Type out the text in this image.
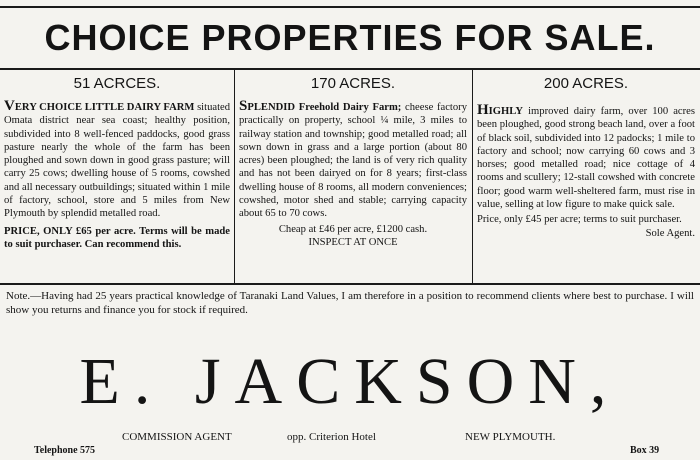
CHOICE PROPERTIES FOR SALE.
51 ACRCES.

VERY CHOICE LITTLE DAIRY FARM situated Omata district near sea coast; healthy position, subdivided into 8 well-fenced paddocks, good grass pasture nearly the whole of the farm has been ploughed and sown down in good grass pasture; will carry 25 cows; dwelling house of 5 rooms, cowshed and all necessary outbuildings; situated within 1 mile of factory, school, store and 5 miles from New Plymouth by splendid metalled road.

PRICE, ONLY £65 per acre. Terms will be made to suit purchaser. Can recommend this.

170 ACRES.

SPLENDID Freehold Dairy Farm; cheese factory practically on property, school ¼ mile, 3 miles to railway station and township; good metalled road; all sown down in grass and a large portion (about 80 acres) been ploughed; the land is of very rich quality and has not been dairyed on for 8 years; first-class dwelling house of 8 rooms, all modern conveniences; cowshed, motor shed and stable; carrying capacity about 65 to 70 cows.

Cheap at £46 per acre, £1200 cash.
INSPECT AT ONCE

200 ACRES.

HIGHLY improved dairy farm, over 100 acres been ploughed, good strong beach land, over a foot of black soil, subdivided into 12 padocks; 1 mile to factory and school; now carrying 60 cows and 3 horses; good metalled road; nice cottage of 4 rooms and scullery; 12-stall cowshed with concrete floor; good warm well-sheltered farm, must rise in value, selling at low figure to make quick sale.

Price, only £45 per acre; terms to suit purchaser.
Sole Agent.

Note.—Having had 25 years practical knowledge of Taranaki Land Values, I am therefore in a position to recommend clients where best to purchase. I will show you returns and finance you for stock if required.
E. JACKSON,
COMMISSION AGENT	opp. Criterion Hotel	NEW PLYMOUTH.
Telephone 575	Box 39
